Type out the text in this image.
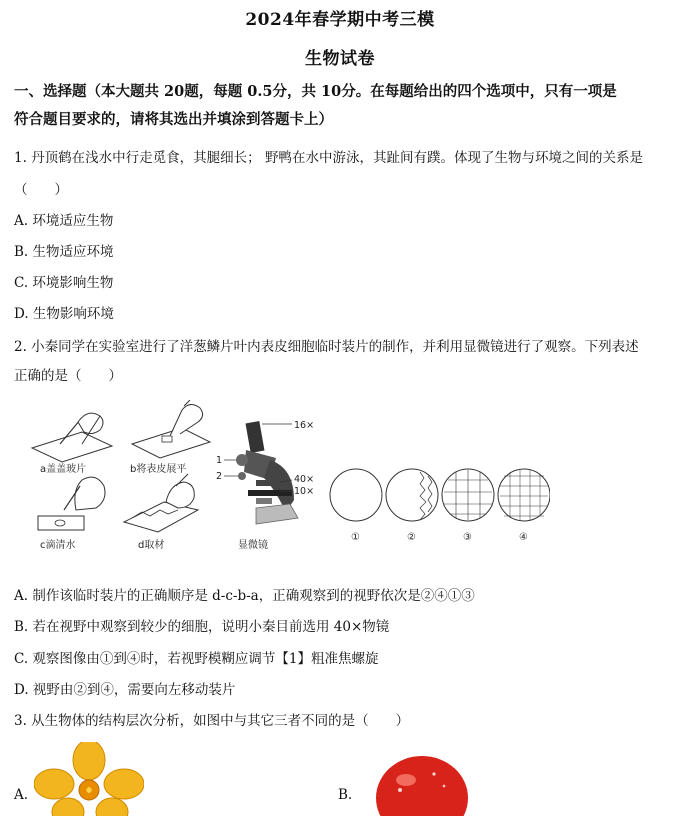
2024年春学期中考三模
生物试卷
一、选择题（本大题共 20题，每题 0.5分，共 10分。在每题给出的四个选项中，只有一项是
符合题目要求的，请将其选出并填涂到答题卡上）
1. 丹顶鹤在浅水中行走觅食，其腿细长； 野鸭在水中游泳，其趾间有蹼。体现了生物与环境之间的关系是
（　　）
A. 环境适应生物
B. 生物适应环境
C. 环境影响生物
D. 生物影响环境
2. 小秦同学在实验室进行了洋葱鳞片叶内表皮细胞临时装片的制作，并利用显微镜进行了观察。下列表述
正确的是（　　）
a盖盖玻片	b将表皮展平
c滴清水	d取材
16×
40×
10×
1
2
显微镜
①	②	③	④
A. 制作该临时装片的正确顺序是 d-c-b-a，正确观察到的视野依次是②④①③
B. 若在视野中观察到较少的细胞，说明小秦目前选用 40×物镜
C. 观察图像由①到④时，若视野模糊应调节【1】粗准焦螺旋
D. 视野由②到④，需要向左移动装片
3. 从生物体的结构层次分析，如图中与其它三者不同的是（　　）
A.	B.
